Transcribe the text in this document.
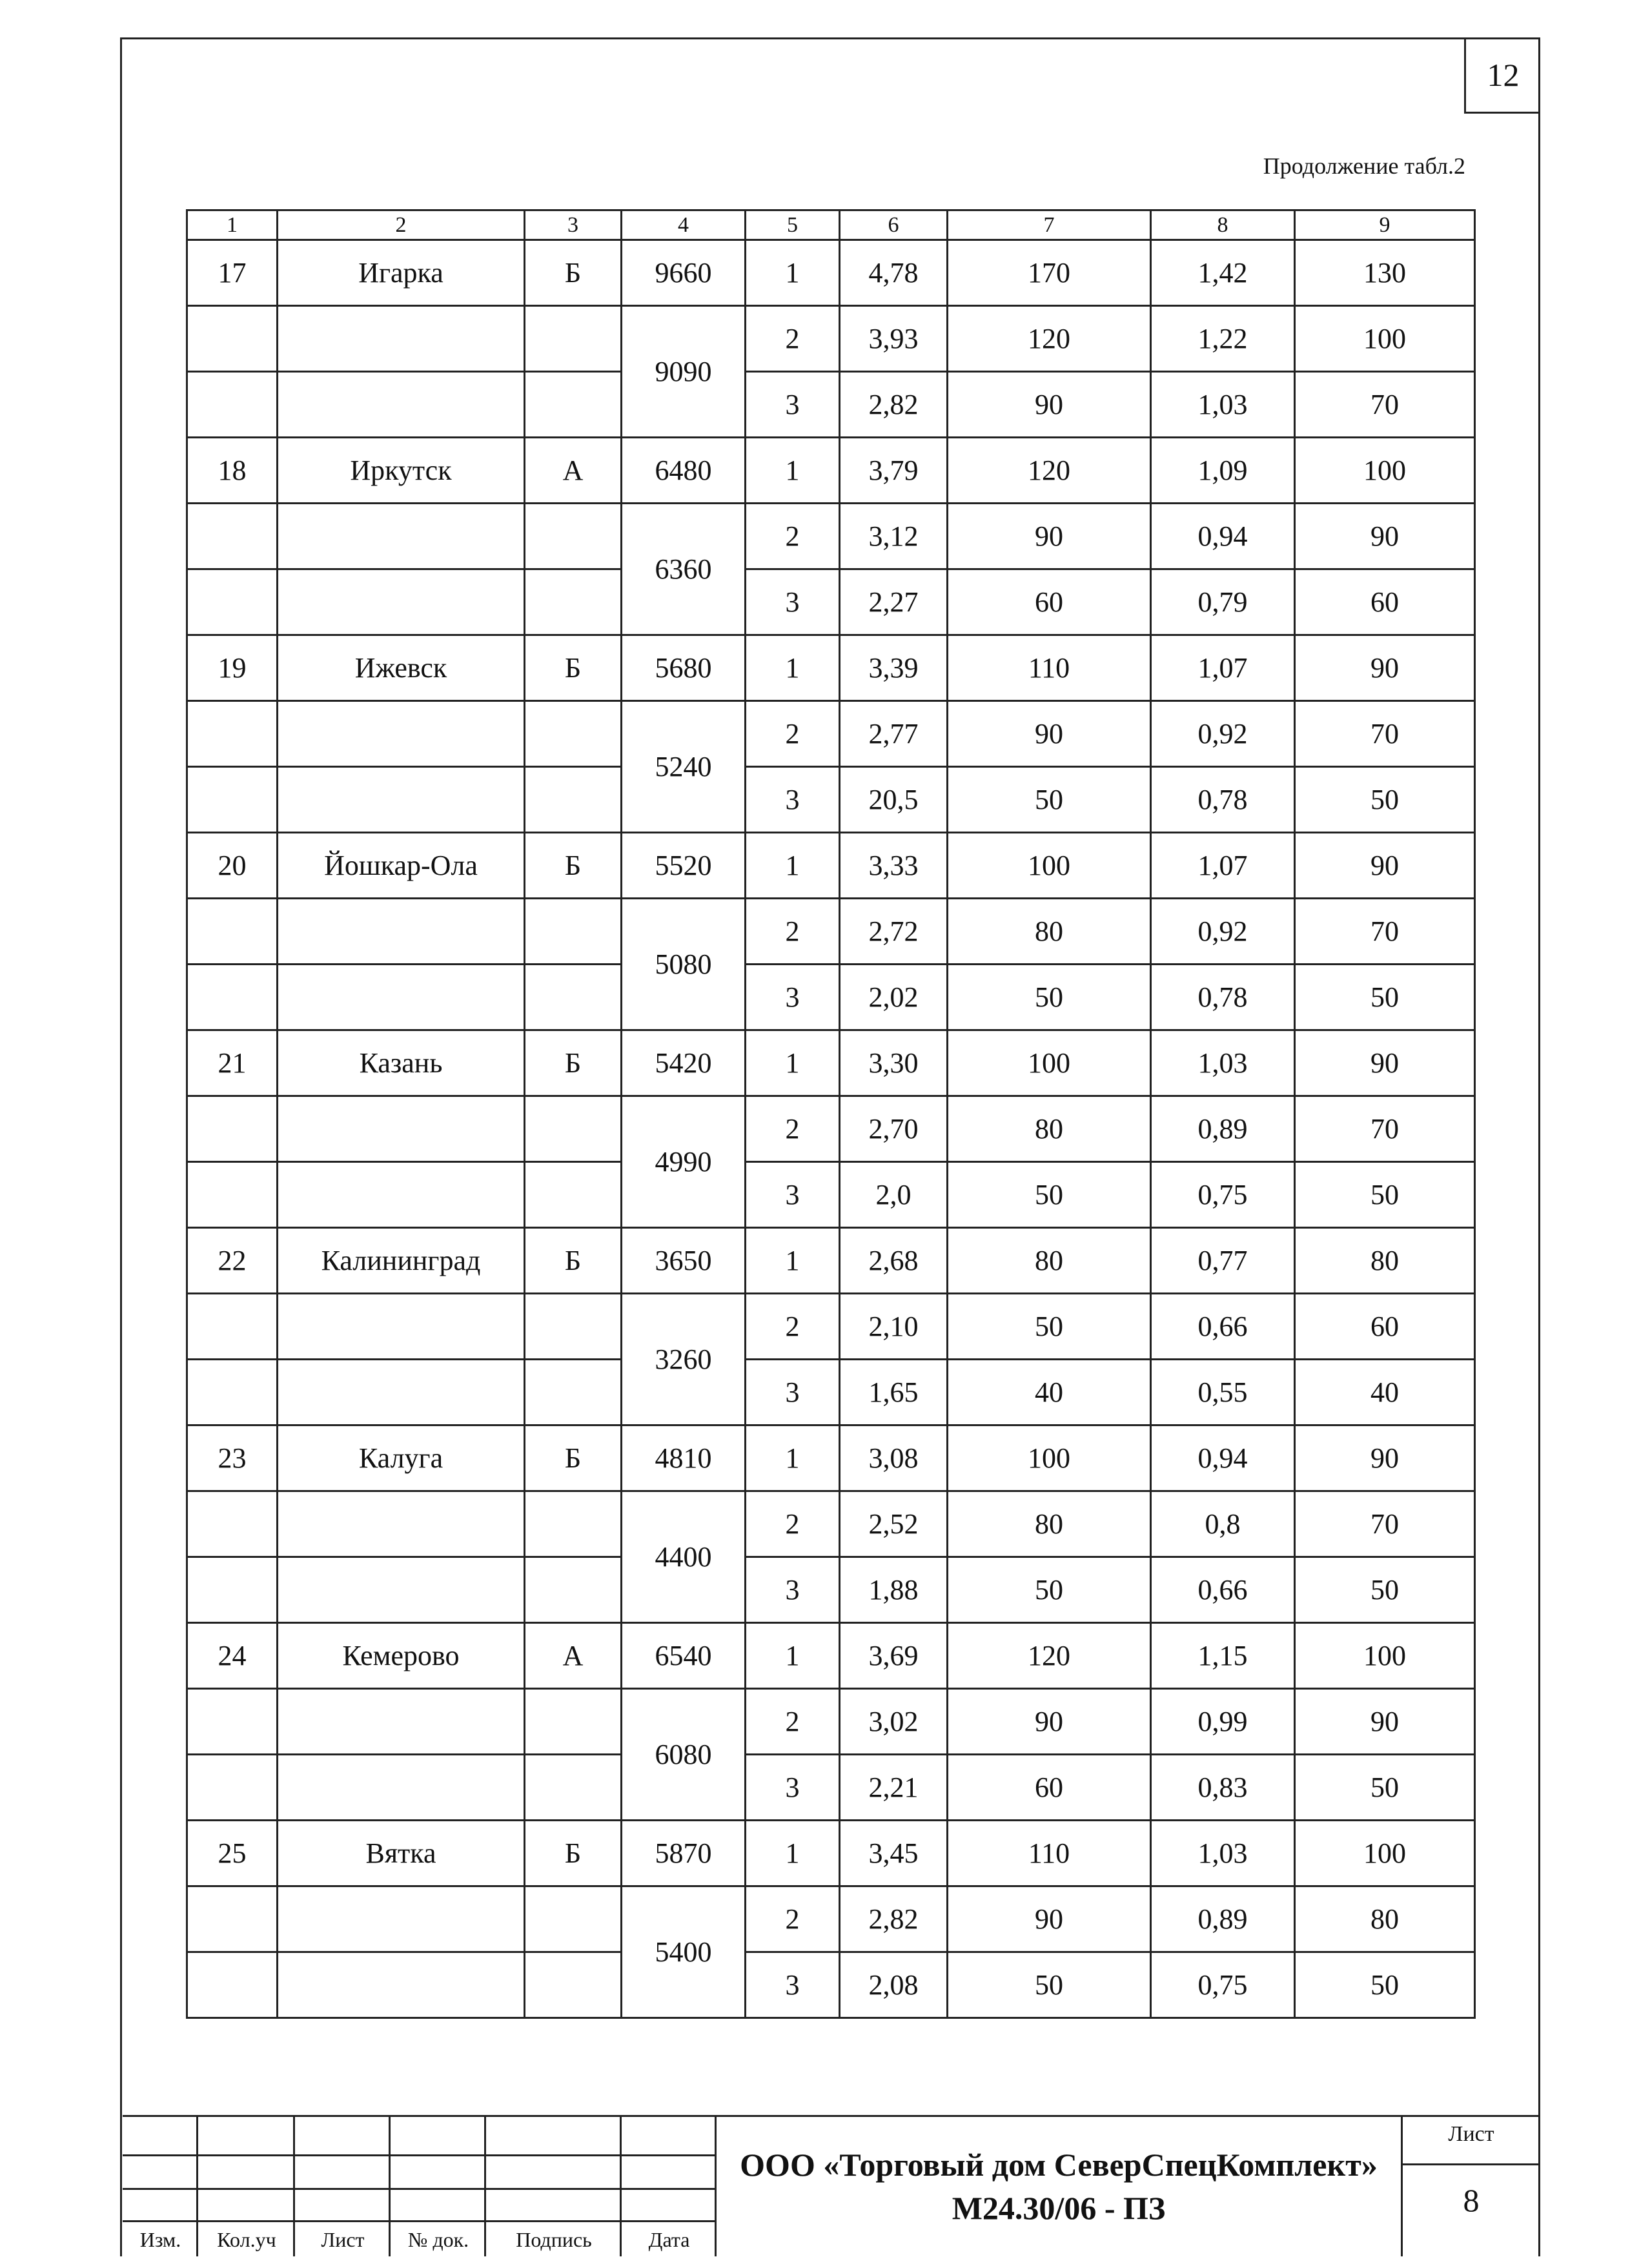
12
Продолжение табл.2
1	2	3	4	5	6	7	8	9
17	Игарка	Б	9660	1	4,78	170	1,42	130
			9090	2	3,93	120	1,22	100
				3	2,82	90	1,03	70
18	Иркутск	А	6480	1	3,79	120	1,09	100
			6360	2	3,12	90	0,94	90
				3	2,27	60	0,79	60
19	Ижевск	Б	5680	1	3,39	110	1,07	90
			5240	2	2,77	90	0,92	70
				3	20,5	50	0,78	50
20	Йошкар-Ола	Б	5520	1	3,33	100	1,07	90
			5080	2	2,72	80	0,92	70
				3	2,02	50	0,78	50
21	Казань	Б	5420	1	3,30	100	1,03	90
			4990	2	2,70	80	0,89	70
				3	2,0	50	0,75	50
22	Калининград	Б	3650	1	2,68	80	0,77	80
			3260	2	2,10	50	0,66	60
				3	1,65	40	0,55	40
23	Калуга	Б	4810	1	3,08	100	0,94	90
			4400	2	2,52	80	0,8	70
				3	1,88	50	0,66	50
24	Кемерово	А	6540	1	3,69	120	1,15	100
			6080	2	3,02	90	0,99	90
				3	2,21	60	0,83	50
25	Вятка	Б	5870	1	3,45	110	1,03	100
			5400	2	2,82	90	0,89	80
				3	2,08	50	0,75	50
Изм.	Кол.уч	Лист	№ док.	Подпись	Дата
ООО «Торговый дом СеверСпецКомплект»
М24.30/06 - ПЗ
Лист
8
